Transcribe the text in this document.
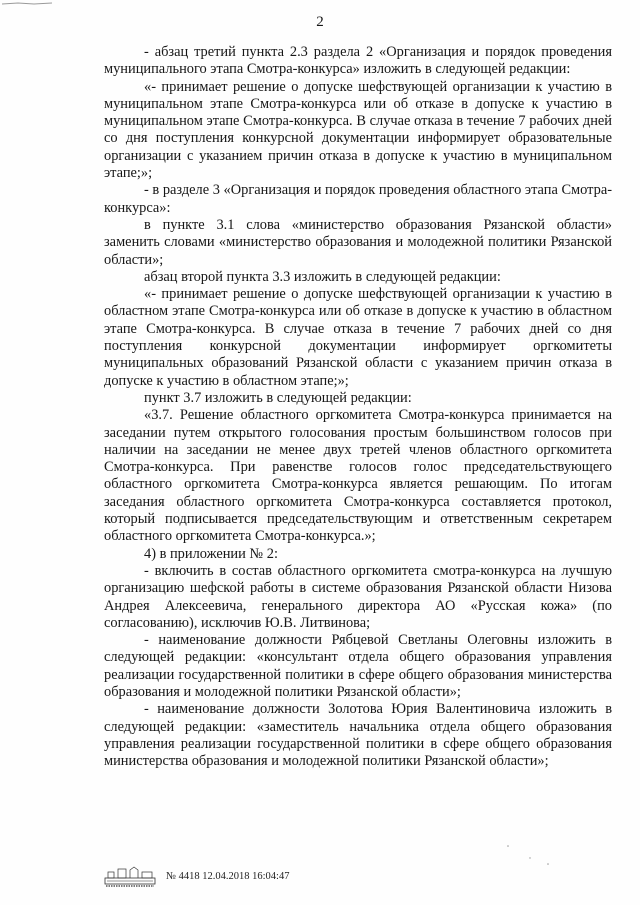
2

- абзац третий пункта 2.3 раздела 2 «Организация и порядок проведения муниципального этапа Смотра-конкурса» изложить в следующей редакции:

«- принимает решение о допуске шефствующей организации к участию в муниципальном этапе Смотра-конкурса или об отказе в допуске к участию в муниципальном этапе Смотра-конкурса. В случае отказа в течение 7 рабочих дней со дня поступления конкурсной документации информирует образовательные организации с указанием причин отказа в допуске к участию в муниципальном этапе;»;

- в разделе 3 «Организация и порядок проведения областного этапа Смотра-конкурса»:

в пункте 3.1 слова «министерство образования Рязанской области» заменить словами «министерство образования и молодежной политики Рязанской области»;

абзац второй пункта 3.3 изложить в следующей редакции:

«- принимает решение о допуске шефствующей организации к участию в областном этапе Смотра-конкурса или об отказе в допуске к участию в областном этапе Смотра-конкурса. В случае отказа в течение 7 рабочих дней со дня поступления конкурсной документации информирует оргкомитеты муниципальных образований Рязанской области с указанием причин отказа в допуске к участию в областном этапе;»;

пункт 3.7 изложить в следующей редакции:

«3.7. Решение областного оргкомитета Смотра-конкурса принимается на заседании путем открытого голосования простым большинством голосов при наличии на заседании не менее двух третей членов областного оргкомитета Смотра-конкурса. При равенстве голосов голос председательствующего областного оргкомитета Смотра-конкурса является решающим. По итогам заседания областного оргкомитета Смотра-конкурса составляется протокол, который подписывается председательствующим и ответственным секретарем областного оргкомитета Смотра-конкурса.»;

4) в приложении № 2:

- включить в состав областного оргкомитета смотра-конкурса на лучшую организацию шефской работы в системе образования Рязанской области Низова Андрея Алексеевича, генерального директора АО «Русская кожа» (по согласованию), исключив Ю.В. Литвинова;

- наименование должности Рябцевой Светланы Олеговны изложить в следующей редакции: «консультант отдела общего образования управления реализации государственной политики в сфере общего образования министерства образования и молодежной политики Рязанской области»;

- наименование должности Золотова Юрия Валентиновича изложить в следующей редакции: «заместитель начальника отдела общего образования управления реализации государственной политики в сфере общего образования министерства образования и молодежной политики Рязанской области»;

№ 4418 12.04.2018 16:04:47
